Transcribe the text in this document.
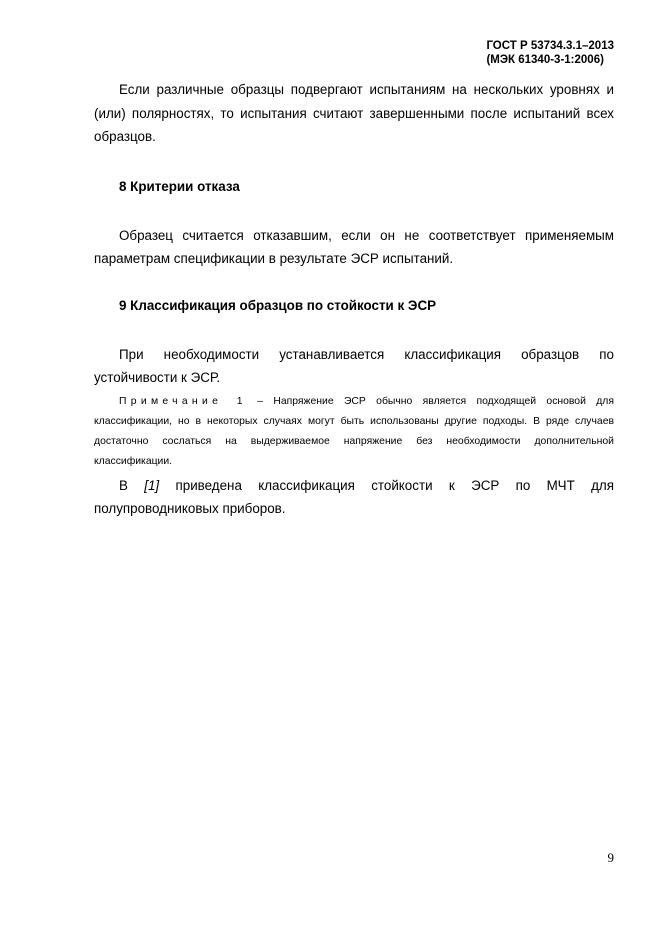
ГОСТ Р 53734.3.1–2013
(МЭК 61340-3-1:2006)

Если различные образцы подвергают испытаниям на нескольких уровнях и (или) полярностях, то испытания считают завершенными после испытаний всех образцов.

8 Критерии отказа

Образец считается отказавшим, если он не соответствует применяемым параметрам спецификации в результате ЭСР испытаний.

9 Классификация образцов по стойкости к ЭСР

При необходимости устанавливается классификация образцов по устойчивости к ЭСР.

Примечание 1 – Напряжение ЭСР обычно является подходящей основой для классификации, но в некоторых случаях могут быть использованы другие подходы. В ряде случаев достаточно сослаться на выдерживаемое напряжение без необходимости дополнительной классификации.

В [1] приведена классификация стойкости к ЭСР по МЧТ для полупроводниковых приборов.

9
